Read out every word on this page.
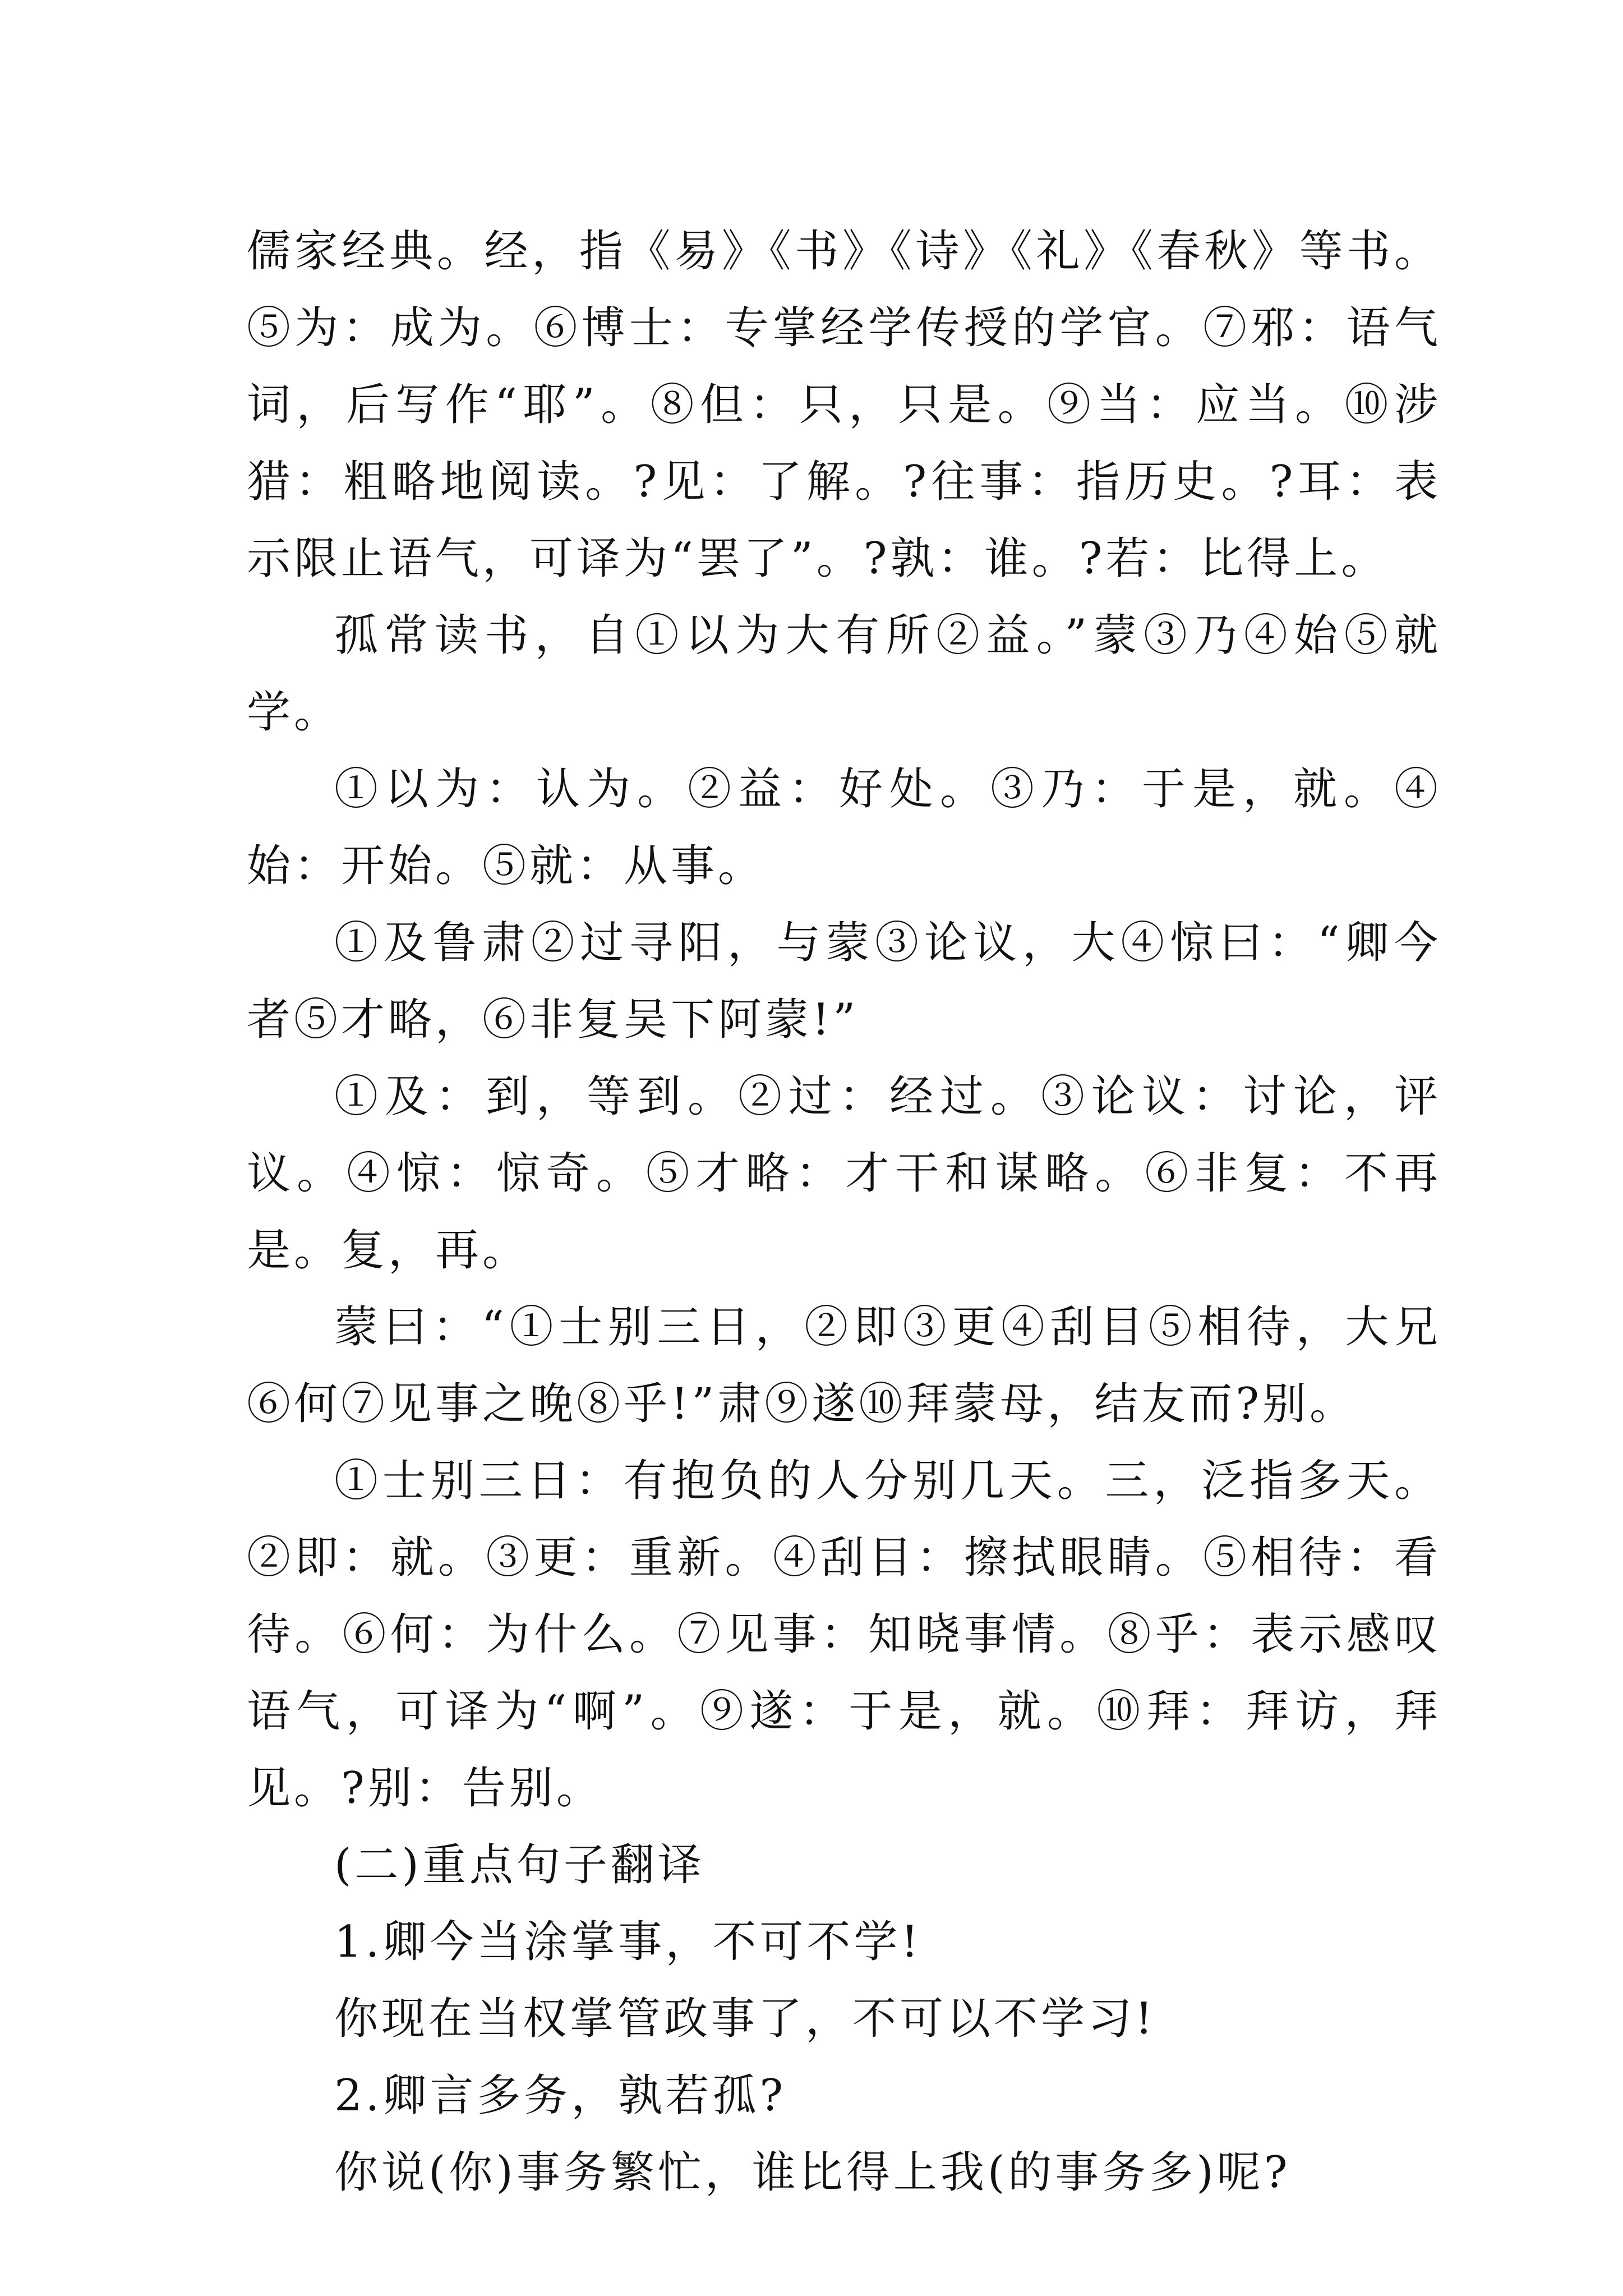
儒家经典。经，指《易》《书》《诗》《礼》《春秋》等书。⑤为：成为。⑥博士：专掌经学传授的学官。⑦邪：语气词，后写作“耶”。⑧但：只，只是。⑨当：应当。⑩涉猎：粗略地阅读。?见：了解。?往事：指历史。?耳：表示限止语气，可译为“罢了”。?孰：谁。?若：比得上。

孤常读书，自①以为大有所②益。”蒙③乃④始⑤就学。

①以为：认为。②益：好处。③乃：于是，就。④始：开始。⑤就：从事。

①及鲁肃②过寻阳，与蒙③论议，大④惊曰：“卿今者⑤才略，⑥非复吴下阿蒙!”

①及：到，等到。②过：经过。③论议：讨论，评议。④惊：惊奇。⑤才略：才干和谋略。⑥非复：不再是。复，再。

蒙曰：“①士别三日，②即③更④刮目⑤相待，大兄⑥何⑦见事之晚⑧乎!”肃⑨遂⑩拜蒙母，结友而?别。

①士别三日：有抱负的人分别几天。三，泛指多天。②即：就。③更：重新。④刮目：擦拭眼睛。⑤相待：看待。⑥何：为什么。⑦见事：知晓事情。⑧乎：表示感叹语气，可译为“啊”。⑨遂：于是，就。⑩拜：拜访，拜见。?别：告别。

(二)重点句子翻译

1.卿今当涂掌事，不可不学!

你现在当权掌管政事了，不可以不学习!

2.卿言多务，孰若孤?

你说(你)事务繁忙，谁比得上我(的事务多)呢?
